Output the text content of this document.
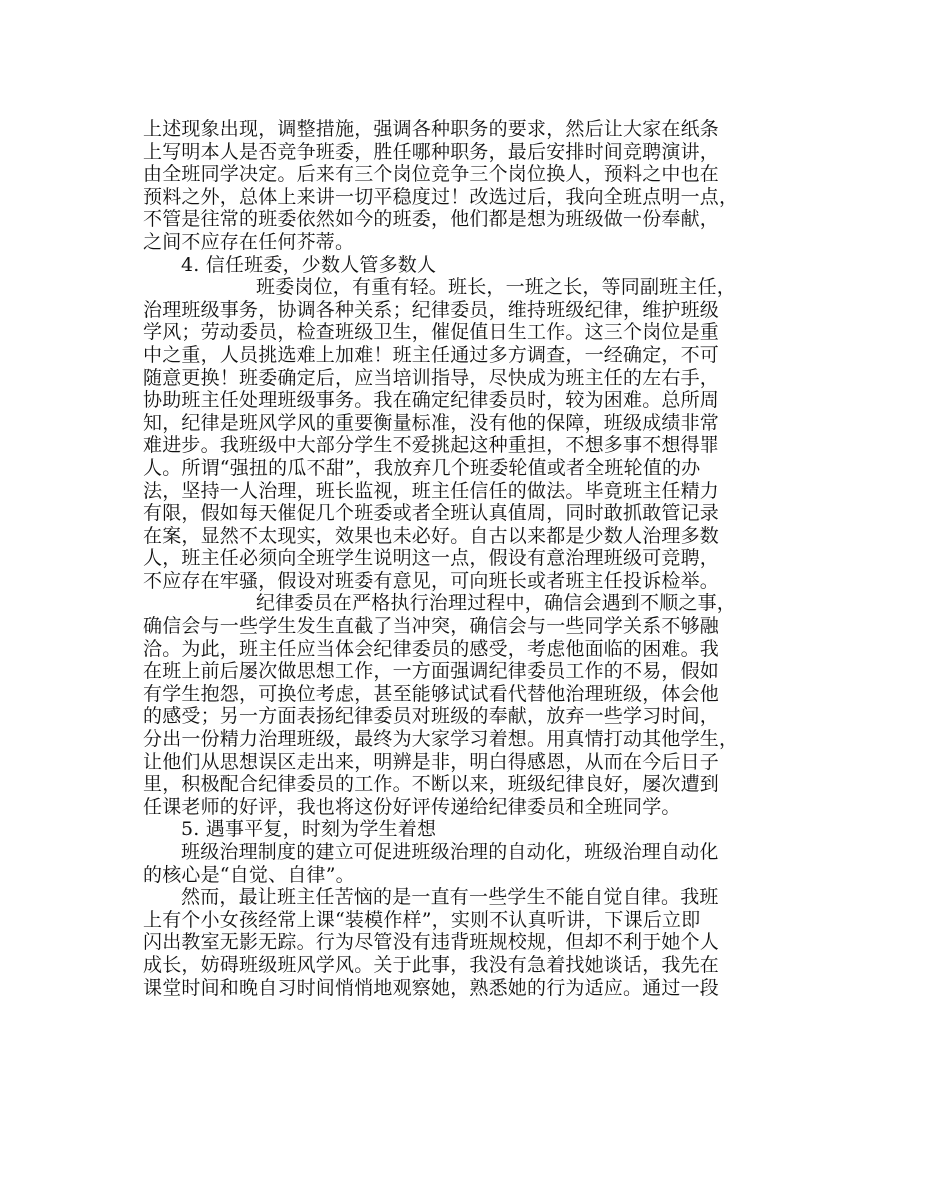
上述现象出现，调整措施，强调各种职务的要求，然后让大家在纸条
上写明本人是否竞争班委，胜任哪种职务，最后安排时间竞聘演讲，
由全班同学决定。后来有三个岗位竞争三个岗位换人，预料之中也在
预料之外，总体上来讲一切平稳度过！改选过后，我向全班点明一点，
不管是往常的班委依然如今的班委，他们都是想为班级做一份奉献，
之间不应存在任何芥蒂。
4. 信任班委，少数人管多数人
班委岗位，有重有轻。班长，一班之长，等同副班主任，
治理班级事务，协调各种关系；纪律委员，维持班级纪律，维护班级
学风；劳动委员，检查班级卫生，催促值日生工作。这三个岗位是重
中之重，人员挑选难上加难！班主任通过多方调查，一经确定，不可
随意更换！班委确定后，应当培训指导，尽快成为班主任的左右手，
协助班主任处理班级事务。我在确定纪律委员时，较为困难。总所周
知，纪律是班风学风的重要衡量标准，没有他的保障，班级成绩非常
难进步。我班级中大部分学生不爱挑起这种重担，不想多事不想得罪
人。所谓“强扭的瓜不甜”，我放弃几个班委轮值或者全班轮值的办
法，坚持一人治理，班长监视，班主任信任的做法。毕竟班主任精力
有限，假如每天催促几个班委或者全班认真值周，同时敢抓敢管记录
在案，显然不太现实，效果也未必好。自古以来都是少数人治理多数
人，班主任必须向全班学生说明这一点，假设有意治理班级可竞聘，
不应存在牢骚，假设对班委有意见，可向班长或者班主任投诉检举。
纪律委员在严格执行治理过程中，确信会遇到不顺之事，
确信会与一些学生发生直截了当冲突，确信会与一些同学关系不够融
洽。为此，班主任应当体会纪律委员的感受，考虑他面临的困难。我
在班上前后屡次做思想工作，一方面强调纪律委员工作的不易，假如
有学生抱怨，可换位考虑，甚至能够试试看代替他治理班级，体会他
的感受；另一方面表扬纪律委员对班级的奉献，放弃一些学习时间，
分出一份精力治理班级，最终为大家学习着想。用真情打动其他学生，
让他们从思想误区走出来，明辨是非，明白得感恩，从而在今后日子
里，积极配合纪律委员的工作。不断以来，班级纪律良好，屡次遭到
任课老师的好评，我也将这份好评传递给纪律委员和全班同学。
5. 遇事平复，时刻为学生着想
班级治理制度的建立可促进班级治理的自动化，班级治理自动化
的核心是“自觉、自律”。
然而，最让班主任苦恼的是一直有一些学生不能自觉自律。我班
上有个小女孩经常上课“装模作样”，实则不认真听讲，下课后立即
闪出教室无影无踪。行为尽管没有违背班规校规，但却不利于她个人
成长，妨碍班级班风学风。关于此事，我没有急着找她谈话，我先在
课堂时间和晚自习时间悄悄地观察她，熟悉她的行为适应。通过一段
